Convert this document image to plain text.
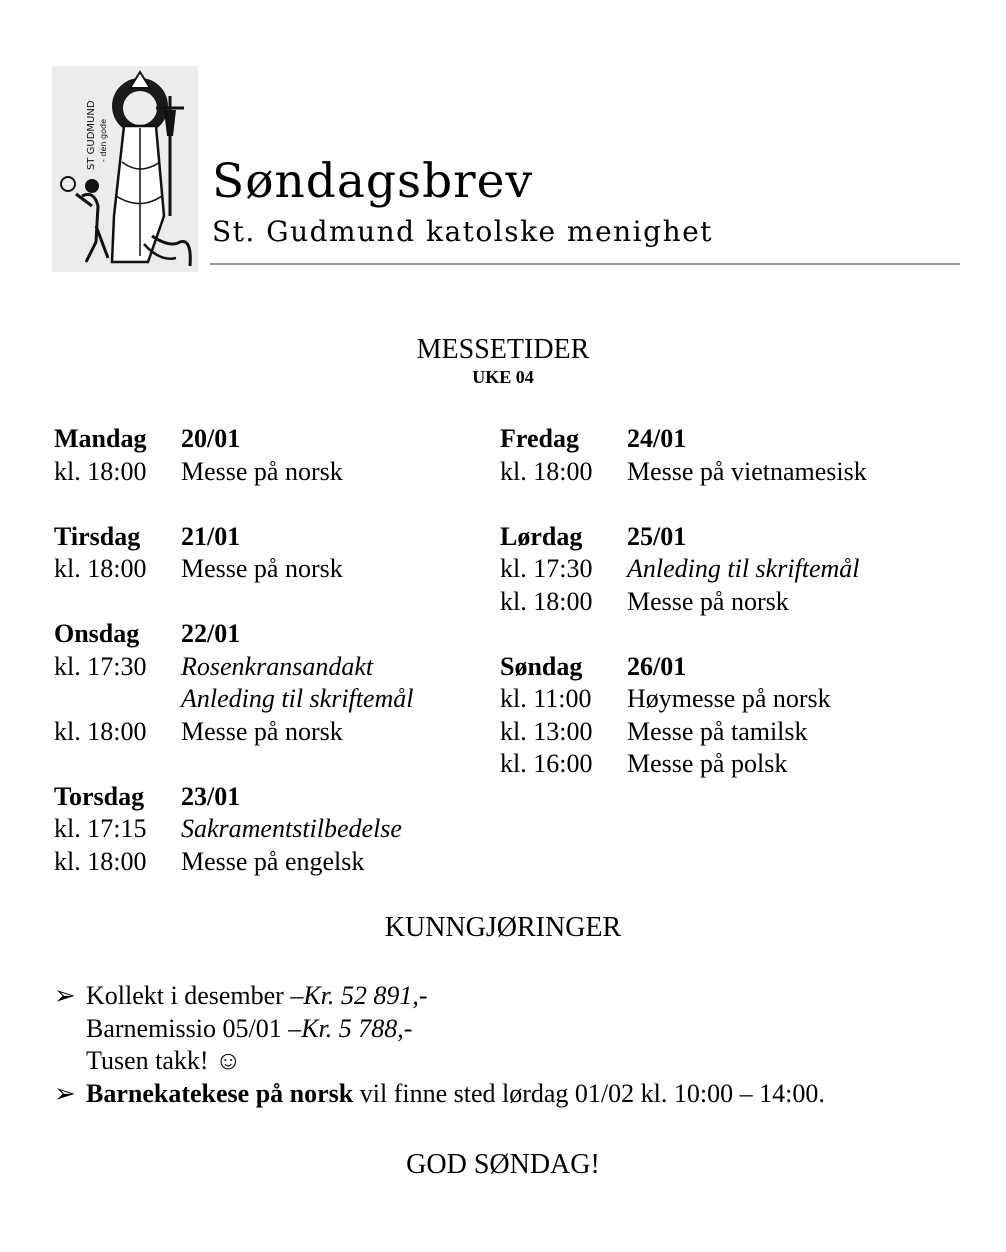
ST GUDMUND - den gode
Søndagsbrev
St. Gudmund katolske menighet
MESSETIDER
UKE 04
Mandag	20/01
kl. 18:00	Messe på norsk
Tirsdag	21/01
kl. 18:00	Messe på norsk
Onsdag	22/01
kl. 17:30	Rosenkransandakt
Anleding til skriftemål
kl. 18:00	Messe på norsk
Torsdag	23/01
kl. 17:15	Sakramentstilbedelse
kl. 18:00	Messe på engelsk
Fredag	24/01
kl. 18:00	Messe på vietnamesisk
Lørdag	25/01
kl. 17:30	Anleding til skriftemål
kl. 18:00	Messe på norsk
Søndag	26/01
kl. 11:00	Høymesse på norsk
kl. 13:00	Messe på tamilsk
kl. 16:00	Messe på polsk
KUNNGJØRINGER
➢ Kollekt i desember – Kr. 52 891,-
Barnemissio 05/01 – Kr. 5 788,-
Tusen takk! ☺
➢ Barnekatekese på norsk vil finne sted lørdag 01/02 kl. 10:00 – 14:00.
GOD SØNDAG!
